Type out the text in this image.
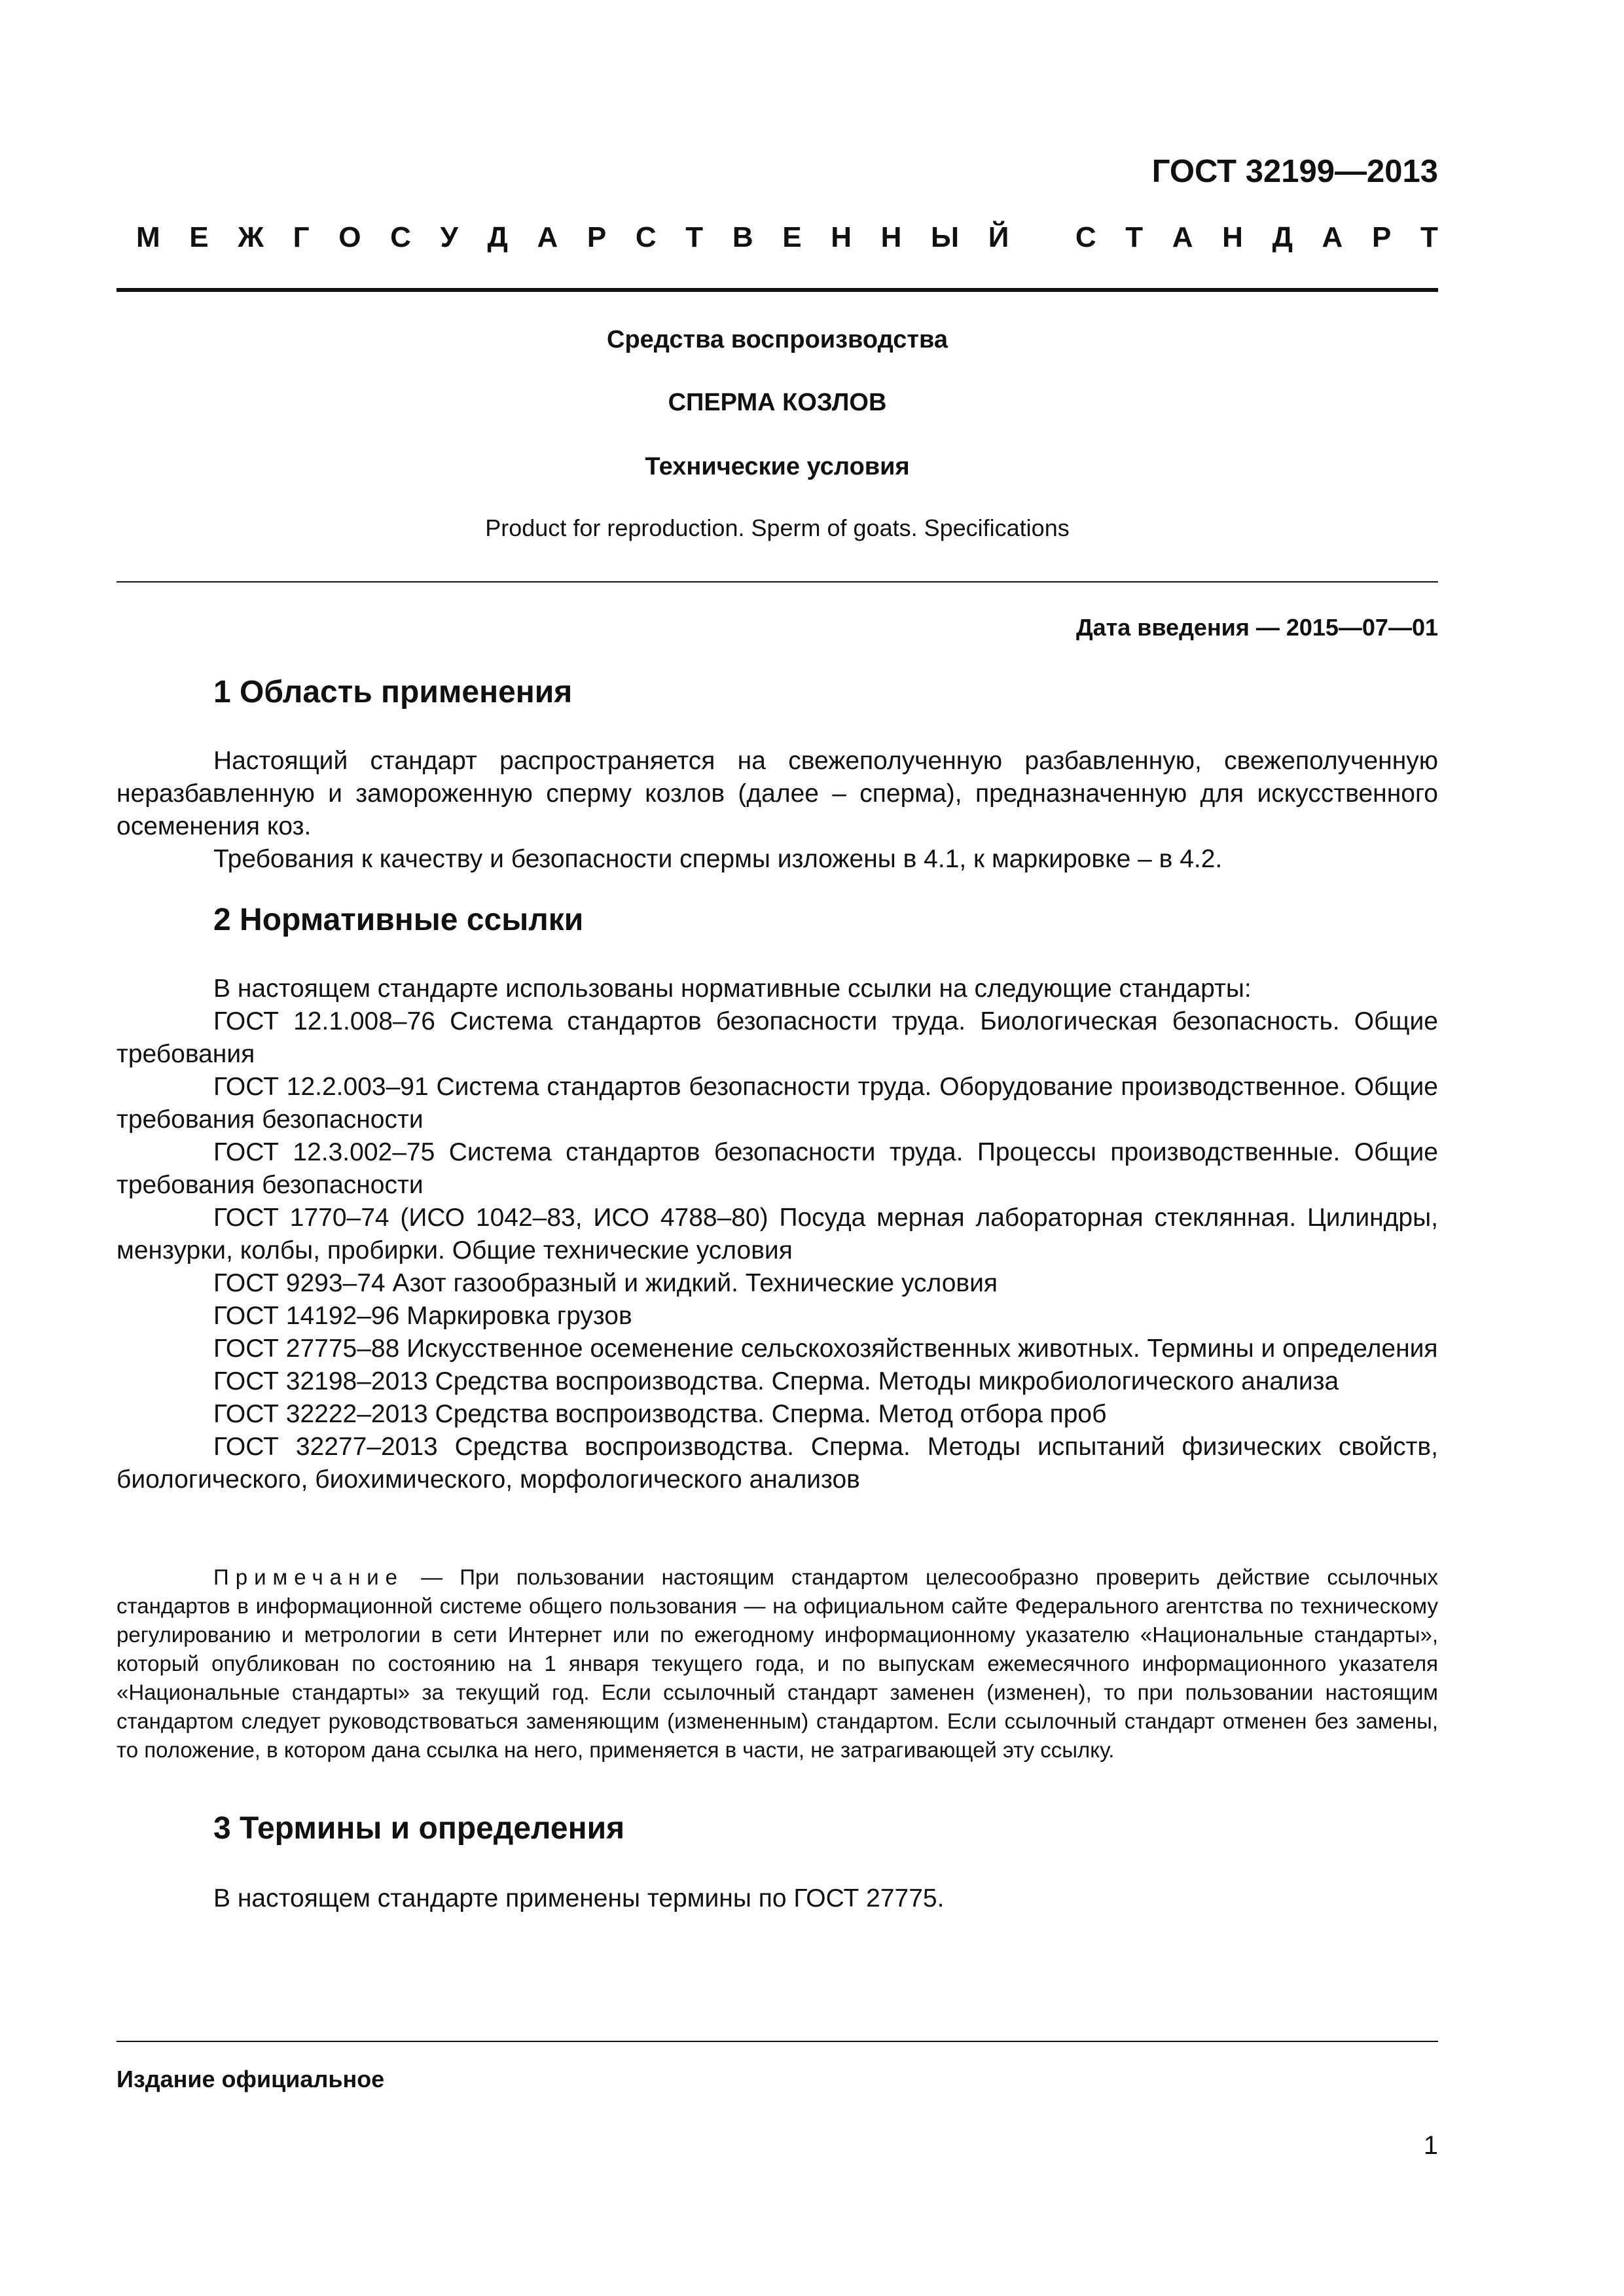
ГОСТ 32199—2013
М Е Ж Г О С У Д А Р С Т В Е Н Н Ы Й
С Т А Н Д А Р Т
Средства воспроизводства
СПЕРМА КОЗЛОВ
Технические условия
Product for reproduction. Sperm of goats. Specifications
Дата введения — 2015—07—01
1 Область применения

Настоящий стандарт распространяется на свежеполученную разбавленную, свежеполученную неразбавленную и замороженную сперму козлов (далее – сперма), предназначенную для искусственного осеменения коз.

Требования к качеству и безопасности спермы изложены в 4.1, к маркировке – в 4.2.

2 Нормативные ссылки

В настоящем стандарте использованы нормативные ссылки на следующие стандарты:

ГОСТ 12.1.008–76 Система стандартов безопасности труда. Биологическая безопасность. Общие требования

ГОСТ 12.2.003–91 Система стандартов безопасности труда. Оборудование производственное. Общие требования безопасности

ГОСТ 12.3.002–75 Система стандартов безопасности труда. Процессы производственные. Общие требования безопасности

ГОСТ 1770–74 (ИСО 1042–83, ИСО 4788–80) Посуда мерная лабораторная стеклянная. Цилиндры, мензурки, колбы, пробирки. Общие технические условия

ГОСТ 9293–74 Азот газообразный и жидкий. Технические условия

ГОСТ 14192–96 Маркировка грузов

ГОСТ 27775–88 Искусственное осеменение сельскохозяйственных животных. Термины и определения

ГОСТ 32198–2013 Средства воспроизводства. Сперма. Методы микробиологического анализа

ГОСТ 32222–2013 Средства воспроизводства. Сперма. Метод отбора проб

ГОСТ 32277–2013 Средства воспроизводства. Сперма. Методы испытаний физических свойств, биологического, биохимического, морфологического анализов

Примечание — При пользовании настоящим стандартом целесообразно проверить действие ссылочных стандартов в информационной системе общего пользования — на официальном сайте Федерального агентства по техническому регулированию и метрологии в сети Интернет или по ежегодному информационному указателю «Национальные стандарты», который опубликован по состоянию на 1 января текущего года, и по выпускам ежемесячного информационного указателя «Национальные стандарты» за текущий год. Если ссылочный стандарт заменен (изменен), то при пользовании настоящим стандартом следует руководствоваться заменяющим (измененным) стандартом. Если ссылочный стандарт отменен без замены, то положение, в котором дана ссылка на него, применяется в части, не затрагивающей эту ссылку.

3 Термины и определения

В настоящем стандарте применены термины по ГОСТ 27775.

Издание официальное
1
